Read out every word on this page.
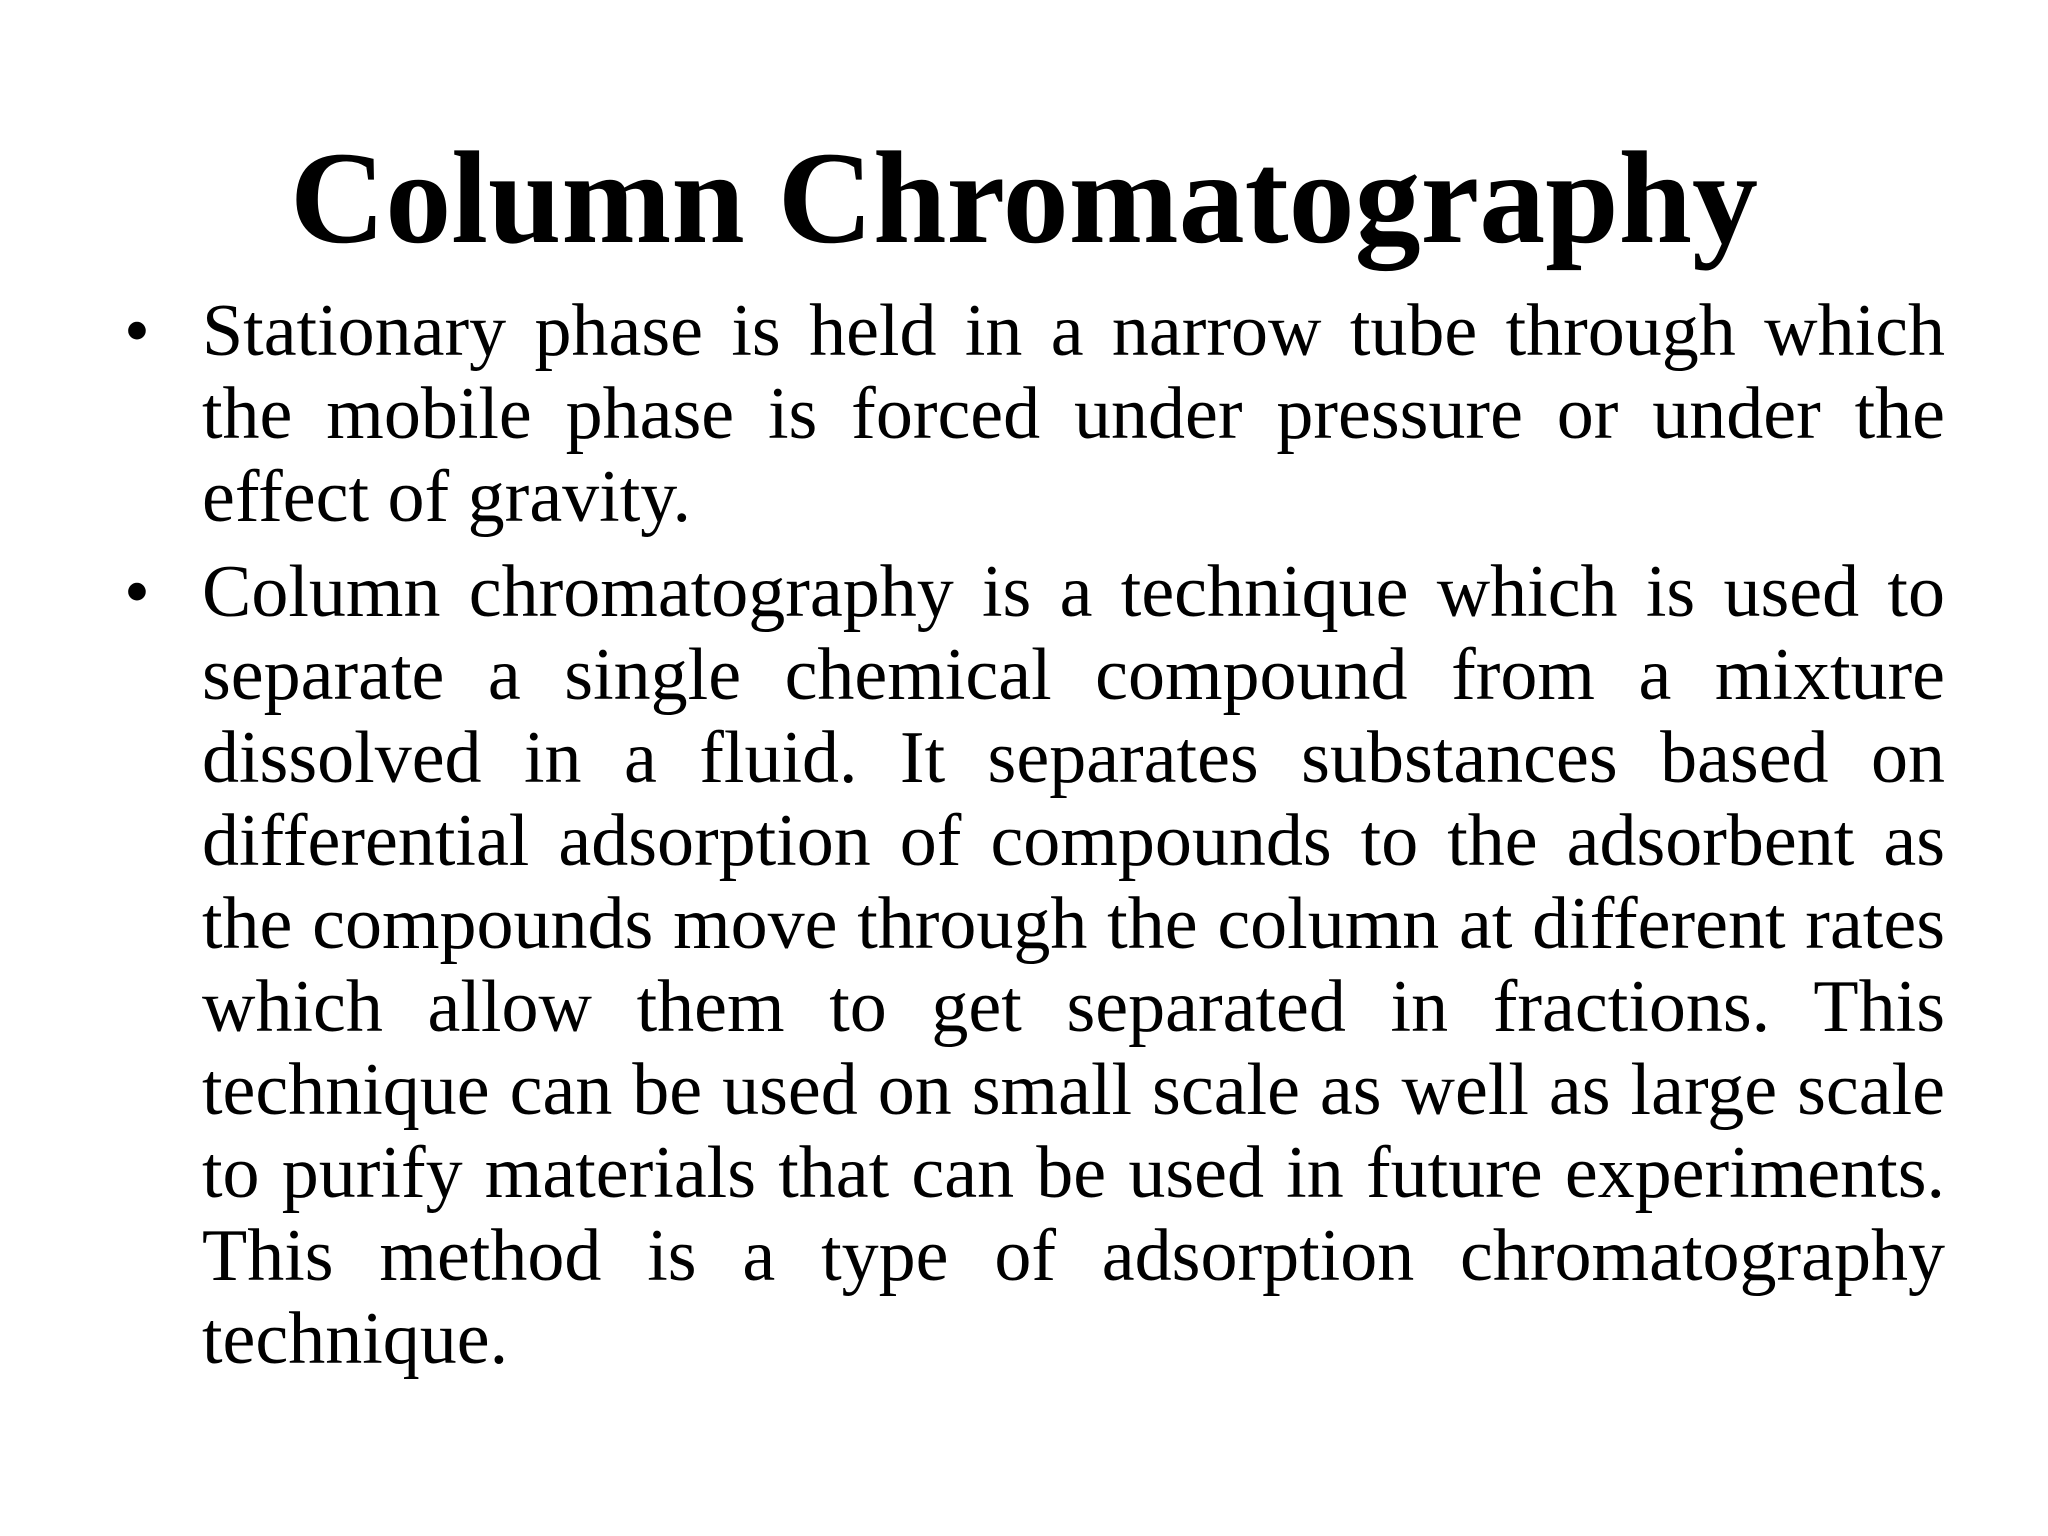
Column Chromatography
• Stationary phase is held in a narrow tube through which the mobile phase is forced under pressure or under the effect of gravity.
• Column chromatography is a technique which is used to separate a single chemical compound from a mixture dissolved in a fluid. It separates substances based on differential adsorption of compounds to the adsorbent as the compounds move through the column at different rates which allow them to get separated in fractions. This technique can be used on small scale as well as large scale to purify materials that can be used in future experiments. This method is a type of adsorption chromatography technique.
